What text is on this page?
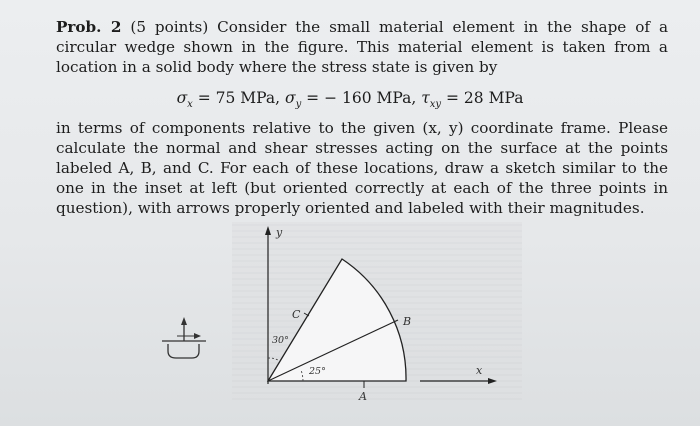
Prob. 2 (5 points) Consider the small material element in the shape of a circular wedge shown in the figure. This material element is taken from a location in a solid body where the stress state is given by
$\sigma_x = 75$ MPa, $\sigma_y$ = − 160 MPa, $\tau_{xy} = 28$ MPa
in terms of components relative to the given (x, y) coordinate frame. Please calculate the normal and shear stresses acting on the surface at the points labeled A, B, and C. For each of these locations, draw a sketch similar to the one in the inset at left (but oriented correctly at each of the three points in question), with arrows properly oriented and labeled with their magnitudes.
y
x
C
B
A
30°
25°
